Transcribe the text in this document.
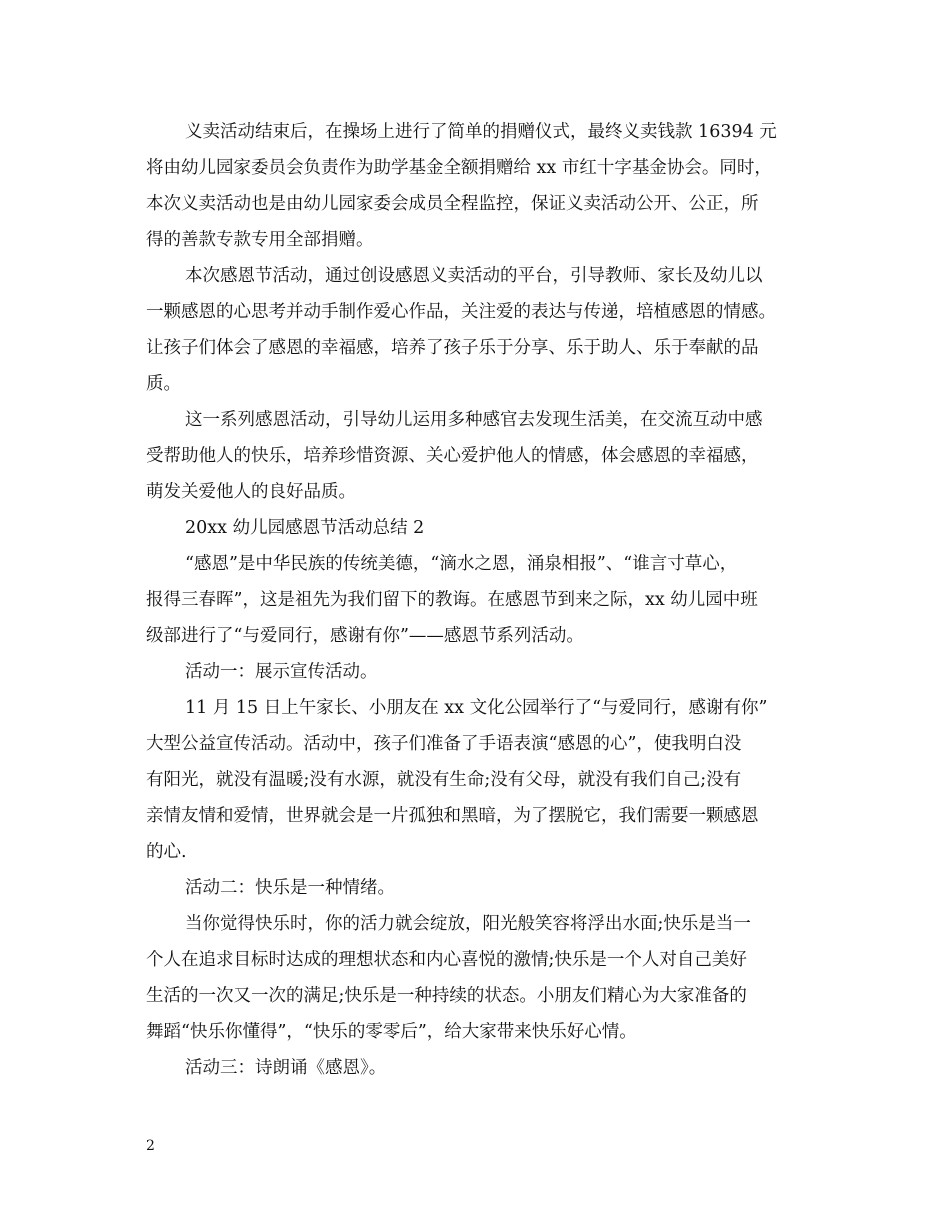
义卖活动结束后，在操场上进行了简单的捐赠仪式，最终义卖钱款 16394 元
将由幼儿园家委员会负责作为助学基金全额捐赠给 xx 市红十字基金协会。同时，
本次义卖活动也是由幼儿园家委会成员全程监控，保证义卖活动公开、公正，所
得的善款专款专用全部捐赠。
本次感恩节活动，通过创设感恩义卖活动的平台，引导教师、家长及幼儿以
一颗感恩的心思考并动手制作爱心作品，关注爱的表达与传递，培植感恩的情感。
让孩子们体会了感恩的幸福感，培养了孩子乐于分享、乐于助人、乐于奉献的品
质。
这一系列感恩活动，引导幼儿运用多种感官去发现生活美，在交流互动中感
受帮助他人的快乐，培养珍惜资源、关心爱护他人的情感，体会感恩的幸福感，
萌发关爱他人的良好品质。
20xx 幼儿园感恩节活动总结 2
“感恩”是中华民族的传统美德，“滴水之恩，涌泉相报”、“谁言寸草心，
报得三春晖”，这是祖先为我们留下的教诲。在感恩节到来之际，xx 幼儿园中班
级部进行了“与爱同行，感谢有你”——感恩节系列活动。
活动一：展示宣传活动。
11 月 15 日上午家长、小朋友在 xx 文化公园举行了“与爱同行，感谢有你”
大型公益宣传活动。活动中，孩子们准备了手语表演“感恩的心”，使我明白没
有阳光，就没有温暖;没有水源，就没有生命;没有父母，就没有我们自己;没有
亲情友情和爱情，世界就会是一片孤独和黑暗，为了摆脱它，我们需要一颗感恩
的心.
活动二：快乐是一种情绪。
当你觉得快乐时，你的活力就会绽放，阳光般笑容将浮出水面;快乐是当一
个人在追求目标时达成的理想状态和内心喜悦的激情;快乐是一个人对自己美好
生活的一次又一次的满足;快乐是一种持续的状态。小朋友们精心为大家准备的
舞蹈“快乐你懂得”，“快乐的零零后”，给大家带来快乐好心情。
活动三：诗朗诵《感恩》。
2
